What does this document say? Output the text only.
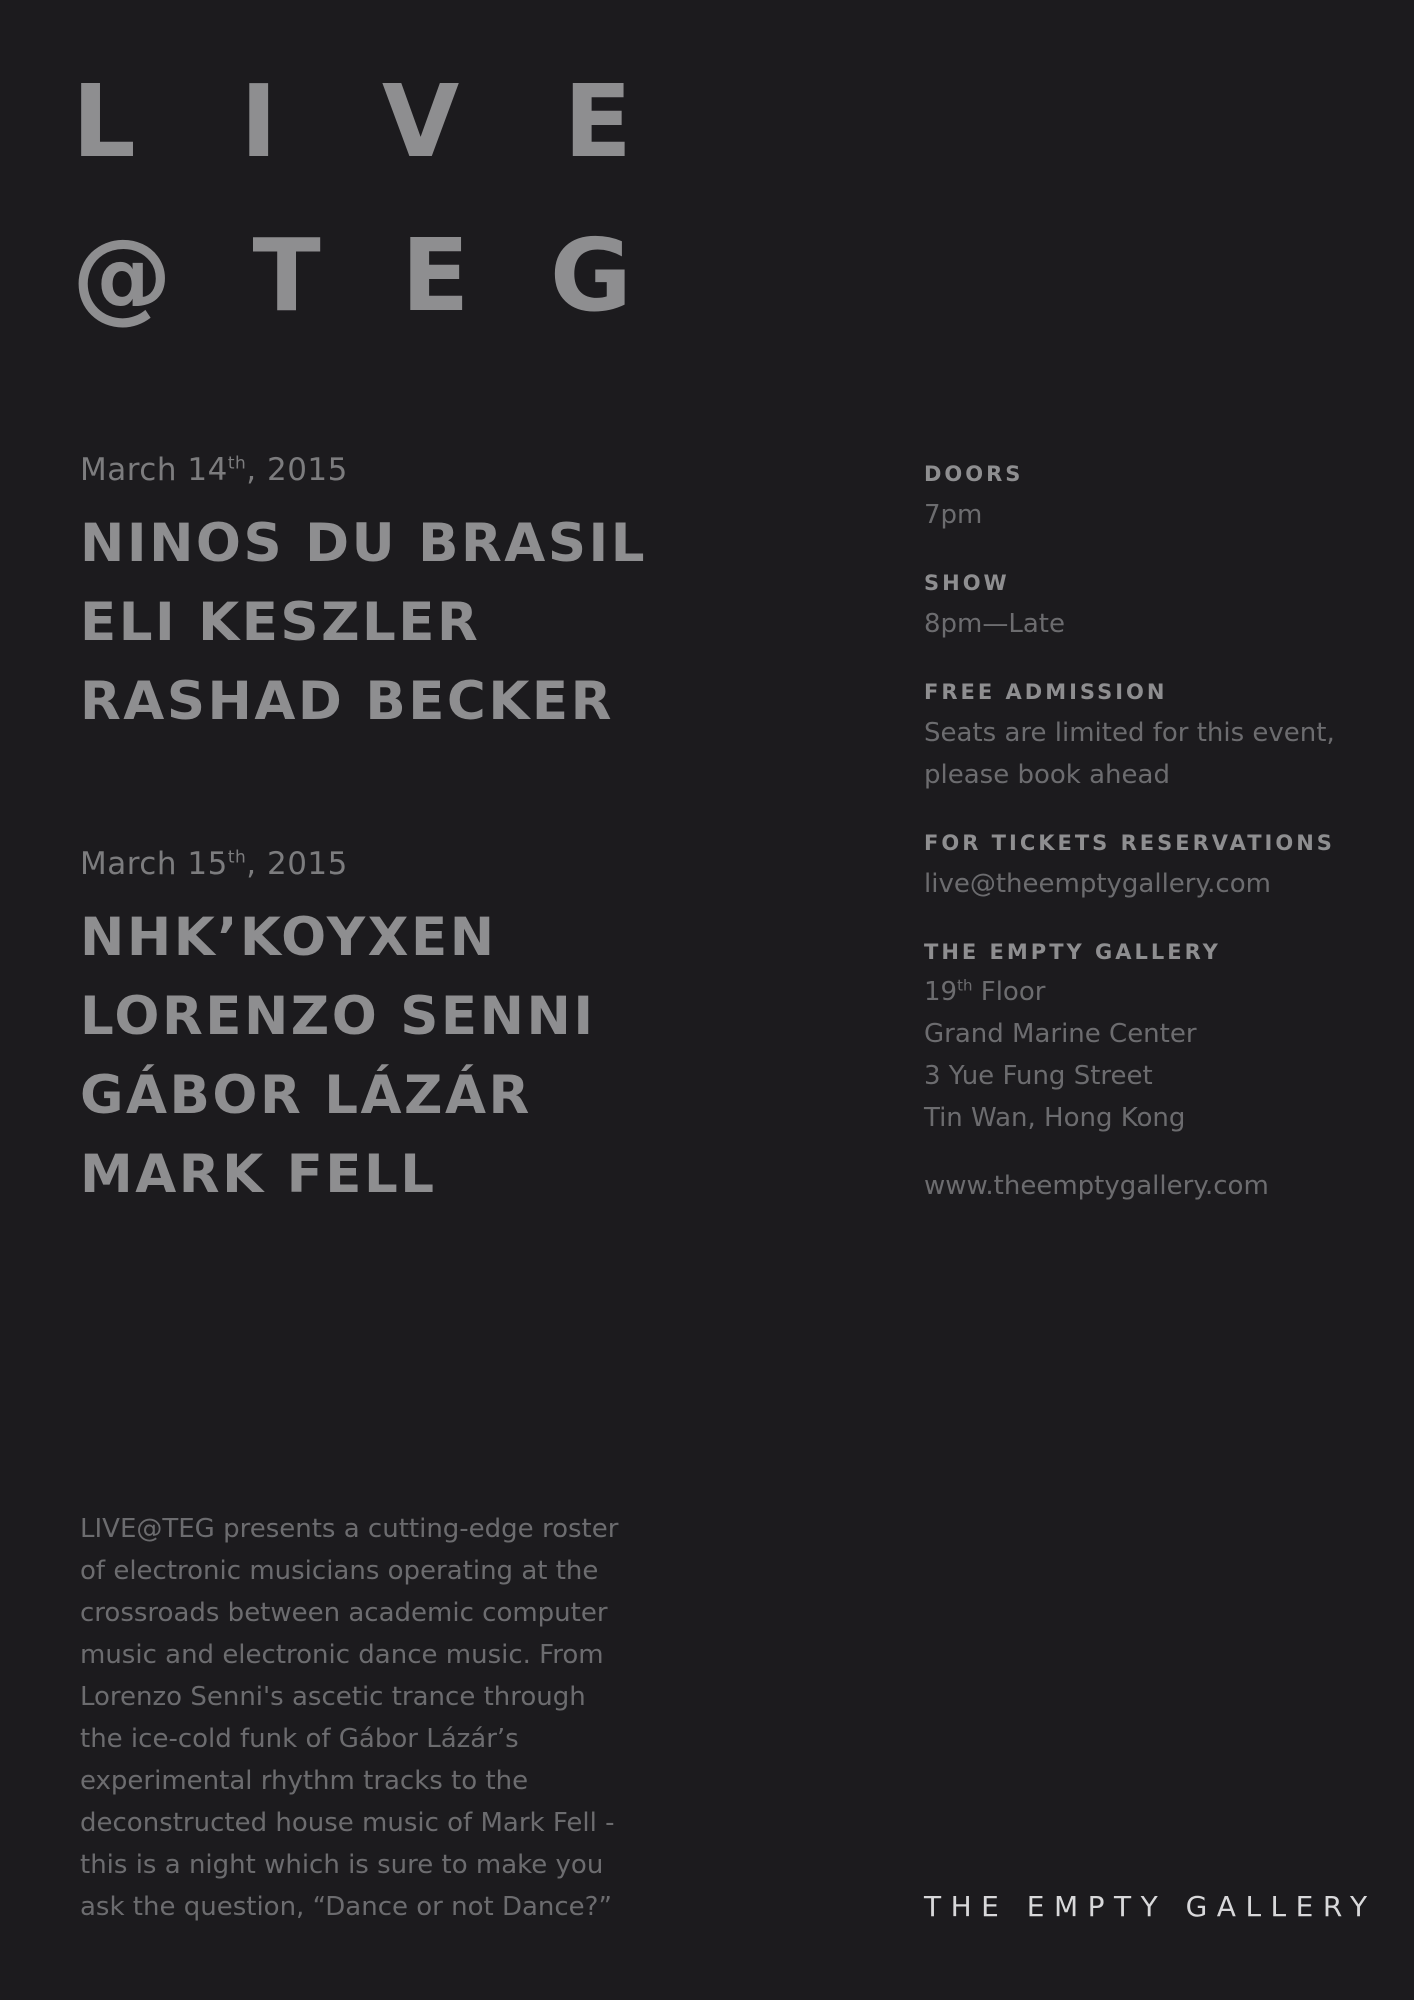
L I V E
@ T E G
March 14th, 2015
NINOS DU BRASIL
ELI KESZLER
RASHAD BECKER
March 15th, 2015
NHK’KOYXEN
LORENZO SENNI
GÁBOR LÁZÁR
MARK FELL
DOORS
7pm
SHOW
8pm—Late
FREE ADMISSION
Seats are limited for this event,
please book ahead
FOR TICKETS RESERVATIONS
live@theemptygallery.com
THE EMPTY GALLERY
19th Floor
Grand Marine Center
3 Yue Fung Street
Tin Wan, Hong Kong
www.theemptygallery.com
LIVE@TEG presents a cutting-edge roster
of electronic musicians operating at the
crossroads between academic computer
music and electronic dance music. From
Lorenzo Senni's ascetic trance through
the ice-cold funk of Gábor Lázár’s
experimental rhythm tracks to the
deconstructed house music of Mark Fell -
this is a night which is sure to make you
ask the question, “Dance or not Dance?”	THE EMPTY GALLERY
